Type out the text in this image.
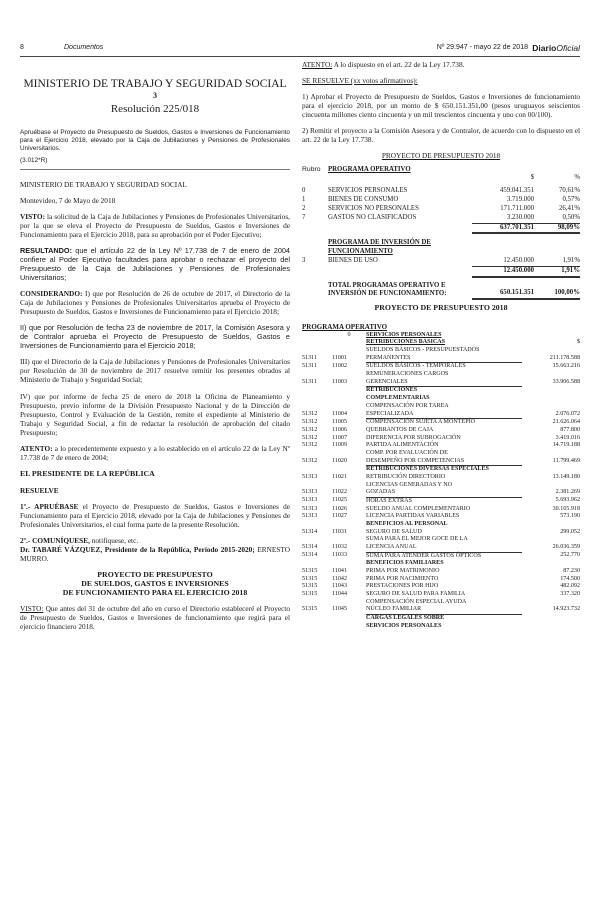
8	Documentos	Nº 29.947 - mayo 22 de 2018 DiarioOficial
MINISTERIO DE TRABAJO Y SEGURIDAD SOCIAL
3
Resolución 225/018
Apruébase el Proyecto de Presupuesto de Sueldos, Gastos e Inversiones de Funcionamiento para el Ejercicio 2018, elevado por la Caja de Jubilaciones y Pensiones de Profesionales Universitarios.
(3.012*R)

MINISTERIO DE TRABAJO Y SEGURIDAD SOCIAL

Montevideo, 7 de Mayo de 2018

VISTO: la solicitud de la Caja de Jubilaciones y Pensiones de Profesionales Universitarios, por la que se eleva el Proyecto de Presupuesto de Sueldos, Gastos e Inversiones de Funcionamiento para el Ejercicio 2018, para su aprobación por el Poder Ejecutivo;

RESULTANDO: que el artículo 22 de la Ley Nº 17.738 de 7 de enero de 2004 confiere al Poder Ejecutivo facultades para aprobar o rechazar el proyecto del Presupuesto de la Caja de Jubilaciones y Pensiones de Profesionales Universitarios;

CONSIDERANDO: I) que por Resolución de 26 de octubre de 2017, el Directorio de la Caja de Jubilaciones y Pensiones de Profesionales Universitarios aprueba el Proyecto de Presupuesto de Sueldos, Gastos e Inversiones de Funcionamiento para el Ejercicio 2018;

II) que por Resolución de fecha 23 de noviembre de 2017, la Comisión Asesora y de Contralor aprueba el Proyecto de Presupuesto de Sueldos, Gastos e Inversiones de Funcionamiento para el Ejercicio 2018;

III) que el Directorio de la Caja de Jubilaciones y Pensiones de Profesionales Universitarios por Resolución de 30 de noviembre de 2017 resuelve remitir los presentes obrados al Ministerio de Trabajo y Seguridad Social;

IV) que por informe de fecha 25 de enero de 2018 la Oficina de Planeamiento y Presupuesto, previo informe de la División Presupuesto Nacional y de la Dirección de Presupuesto, Control y Evaluación de la Gestión, remite el expediente al Ministerio de Trabajo y Seguridad Social, a fin de redactar la resolución de aprobación del citado Presupuesto;

ATENTO: a lo precedentemente expuesto y a lo establecido en el artículo 22 de la Ley Nº 17.738 de 7 de enero de 2004;

EL PRESIDENTE DE LA REPÚBLICA

RESUELVE

1º.- APRUÉBASE el Proyecto de Presupuesto de Sueldos, Gastos e Inversiones de Funcionamiento para el Ejercicio 2018, elevado por la Caja de Jubilaciones y Pensiones de Profesionales Universitarios, el cual forma parte de la presente Resolución.

2º.- COMUNÍQUESE, notifíquese, etc.

Dr. TABARÉ VÁZQUEZ, Presidente de la República, Período 2015-2020; ERNESTO MURRO.

PROYECTO DE PRESUPUESTO
DE SUELDOS, GASTOS E INVERSIONES
DE FUNCIONAMIENTO PARA EL EJERCICIO 2018

VISTO: Que antes del 31 de octubre del año en curso el Directorio estableceré el Proyecto de Presupuesto de Sueldos, Gastos e Inversiones de funcionamiento que regirá para el ejercicio financiero 2018.

ATENTO: A lo dispuesto en el art. 22 de la Ley 17.738.

SE RESUELVE (xx votos afirmativos):

1) Aprobar el Proyecto de Presupuesto de Sueldos, Gastos e Inversiones de funcionamiento para el ejercicio 2018, por un monto de $ 650.151.351,00 (pesos uruguayos seiscientos cincuenta millones ciento cincuenta y un mil trescientos cincuenta y uno con 00/100).

2) Remitir el proyecto a la Comisión Asesora y de Contralor, de acuerdo con lo dispuesto en el art. 22 de la Ley 17.738.

PROYECTO DE PRESUPUESTO 2018
Rubro	PROGRAMA OPERATIVO	$	%

0	SERVICIOS PERSONALES	459.041.351	70,61%
1	BIENES DE CONSUMO	3.719.000	0,57%
2	SERVICIOS NO PERSONALES	171.711.000	26,41%
7	GASTOS NO CLASIFICADOS	3.230.000	0,50%
		637.701.351	98,09%

	PROGRAMA DE INVERSIÓN DE FUNCIONAMIENTO		
3	BIENES DE USO	12.450.000	1,91%
		12.450.000	1,91%

	TOTAL PROGRAMAS OPERATIVO E INVERSIÓN DE FUNCIONAMIENTO:	650.151.351	100,00%
PROYECTO DE PRESUPUESTO 2018
PROGRAMA OPERATIVO			
	0	SERVICIOS PERSONALES	
		RETRIBUCIONES BÁSICAS	$
		SUELDOS BÁSICOS - PRESUPUESTADOS	
51311	11001	PERMANENTES	211.178.588
51311	11002	SUELDOS BÁSICOS - TEMPORALES	15.663.216
		REMUNERACIONES CARGOS	
51311	11003	GERENCIALES	33.906.588
		RETRIBUCIONES	
		COMPLEMENTARIAS	
		COMPENSACIÓN POR TAREA	
51312	11004	ESPECIALIZADA	2.076.072
51312	11005	COMPENSACIÓN SUJETA A MONTEPÍO	21.626.064
51312	11006	QUEBRANTOS DE CAJA	877.800
51312	11007	DIFERENCIA POR SUBROGACIÓN	3.419.016
51312	11009	PARTIDA ALIMENTACIÓN	14.719.188
		COMP. POR EVALUACIÓN DE	
51312	11020	DESEMPEÑO POR COMPETENCIAS	11.799.469
		RETRIBUCIONES DIVERSAS ESPECIALES	
51313	11021	RETRIBUCIÓN DIRECTORIO	13.149.180
		LICENCIAS GENERADAS Y NO	
51313	11022	GOZADAS	2.381.269
51313	11025	HORAS EXTRAS	5.693.962
51313	11026	SUELDO ANUAL COMPLEMENTARIO	30.165.918
51313	11027	LICENCIA PARTIDAS VARIABLES	573.190
		BENEFICIOS AL PERSONAL	
51314	11031	SEGURO DE SALUD	299.052
		SUMA PARA EL MEJOR GOCE DE LA	
51314	11032	LICENCIA ANUAL	26.036.359
51314	11033	SUMA PARA ATENDER GASTOS ÓPTICOS	252.770
		BENEFICIOS FAMILIARES	
51315	11041	PRIMA POR MATRIMONIO	87.230
51315	11042	PRIMA POR NACIMIENTO	174.500
51315	11043	PRESTACIONES POR HIJO	482.092
51315	11044	SEGURO DE SALUD PARA FAMILIA	337.320
		COMPENSACIÓN ESPECIAL AYUDA	
51315	11045	NÚCLEO FAMILIAR	14.923.732
		CARGAS LEGALES SOBRE	
		SERVICIOS PERSONALES	
